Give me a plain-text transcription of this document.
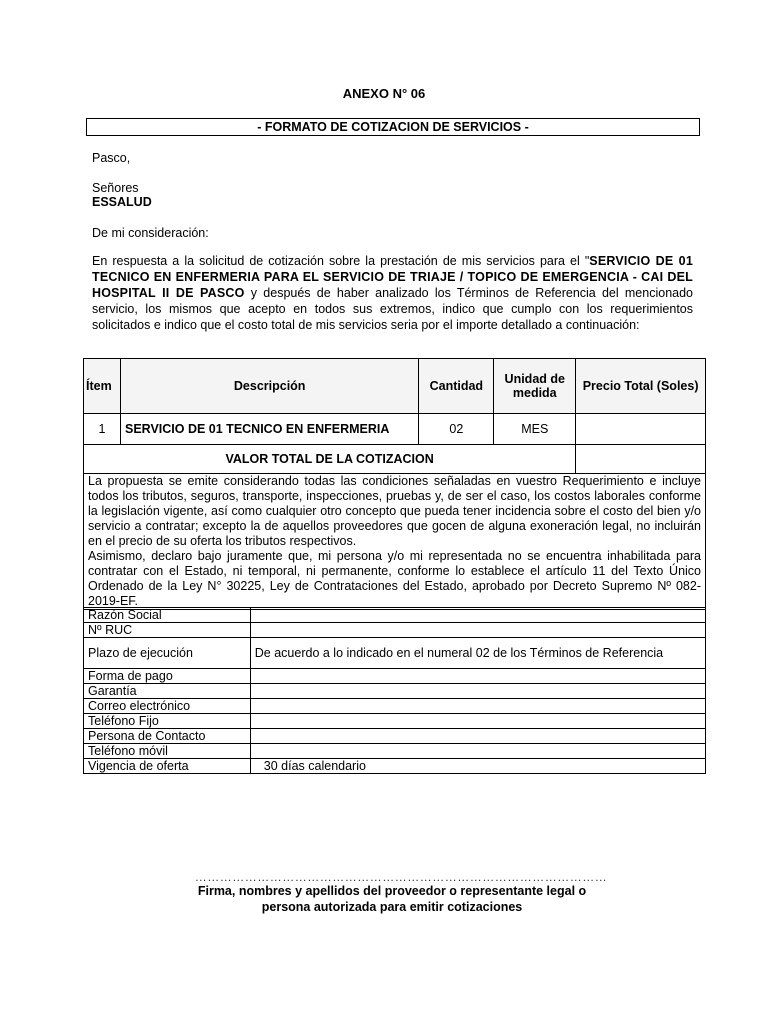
ANEXO N° 06
- FORMATO DE COTIZACION DE SERVICIOS -
Pasco,
Señores
ESSALUD
De mi consideración:
En respuesta a la solicitud de cotización sobre la prestación de mis servicios para el "SERVICIO DE 01 TECNICO EN ENFERMERIA PARA EL SERVICIO DE TRIAJE / TOPICO DE EMERGENCIA - CAI DEL HOSPITAL II DE PASCO y después de haber analizado los Términos de Referencia del mencionado servicio, los mismos que acepto en todos sus extremos, indico que cumplo con los requerimientos solicitados e indico que el costo total de mis servicios seria por el importe detallado a continuación:
Ítem	Descripción	Cantidad	Unidad de medida	Precio Total (Soles)
1	SERVICIO DE 01 TECNICO EN ENFERMERIA	02	MES	
VALOR TOTAL DE LA COTIZACION				

La propuesta se emite considerando todas las condiciones señaladas en vuestro Requerimiento e incluye todos los tributos, seguros, transporte, inspecciones, pruebas y, de ser el caso, los costos laborales conforme la legislación vigente, así como cualquier otro concepto que pueda tener incidencia sobre el costo del bien y/o servicio a contratar; excepto la de aquellos proveedores que gocen de alguna exoneración legal, no incluirán en el precio de su oferta los tributos respectivos.
Asimismo, declaro bajo juramente que, mi persona y/o mi representada no se encuentra inhabilitada para contratar con el Estado, ni temporal, ni permanente, conforme lo establece el artículo 11 del Texto Único Ordenado de la Ley N° 30225, Ley de Contrataciones del Estado, aprobado por Decreto Supremo Nº 082-2019-EF.				
Razón Social	
Nº RUC	
Plazo de ejecución	De acuerdo a lo indicado en el numeral 02 de los Términos de Referencia
Forma de pago	
Garantía	
Correo electrónico	
Teléfono Fijo	
Persona de Contacto	
Teléfono móvil	
Vigencia de oferta	30 días calendario
………………………………………………………………………………………
Firma, nombres y apellidos del proveedor o representante legal o
persona autorizada para emitir cotizaciones
